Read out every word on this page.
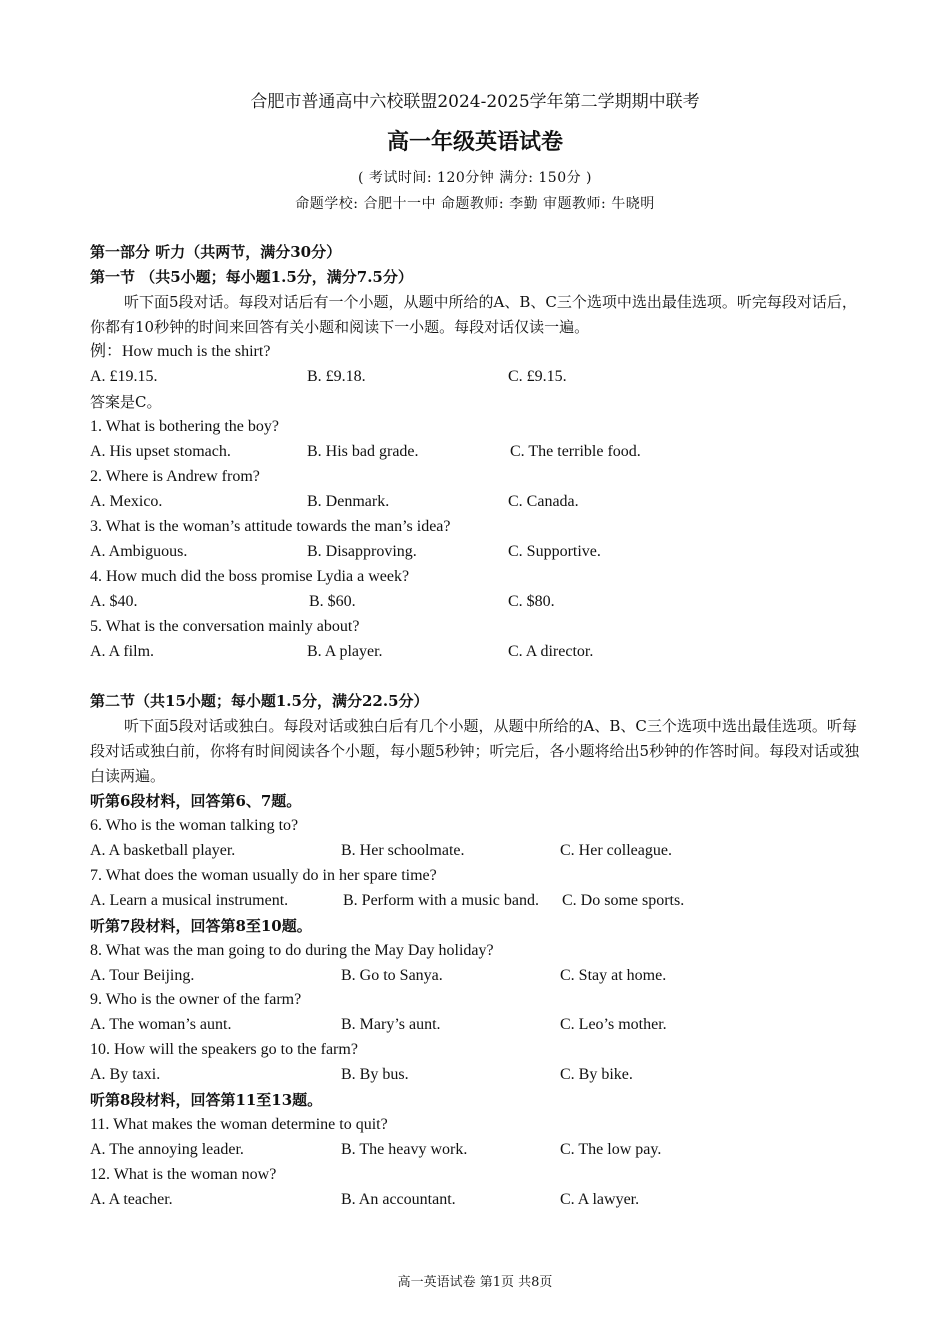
合肥市普通高中六校联盟2024-2025学年第二学期期中联考
高一年级英语试卷
( 考试时间: 120分钟 满分: 150分 )
命题学校: 合肥十一中 命题教师: 李勤 审题教师: 牛晓明
第一部分 听力（共两节，满分30分）
第一节 （共5小题；每小题1.5分，满分7.5分）
听下面5段对话。每段对话后有一个小题，从题中所给的A、B、C三个选项中选出最佳选项。听完每段对话后，你都有10秒钟的时间来回答有关小题和阅读下一小题。每段对话仅读一遍。
例：How much is the shirt?
A. £19.15.	B. £9.18.	C. £9.15.
答案是C。
1. What is bothering the boy?
A. His upset stomach.	B. His bad grade.	C. The terrible food.
2. Where is Andrew from?
A. Mexico.	B. Denmark.	C. Canada.
3. What is the woman’s attitude towards the man’s idea?
A. Ambiguous.	B. Disapproving.	C. Supportive.
4. How much did the boss promise Lydia a week?
A. $40.	B. $60.	C. $80.
5. What is the conversation mainly about?
A. A film.	B. A player.	C. A director.
第二节（共15小题；每小题1.5分，满分22.5分）
听下面5段对话或独白。每段对话或独白后有几个小题，从题中所给的A、B、C三个选项中选出最佳选项。听每段对话或独白前，你将有时间阅读各个小题，每小题5秒钟；听完后，各小题将给出5秒钟的作答时间。每段对话或独白读两遍。
听第6段材料，回答第6、7题。
6. Who is the woman talking to?
A. A basketball player.	B. Her schoolmate.	C. Her colleague.
7. What does the woman usually do in her spare time?
A. Learn a musical instrument.	B. Perform with a music band. C. Do some sports.
听第7段材料，回答第8至10题。
8. What was the man going to do during the May Day holiday?
A. Tour Beijing.	B. Go to Sanya.	C. Stay at home.
9. Who is the owner of the farm?
A. The woman’s aunt.	B. Mary’s aunt.	C. Leo’s mother.
10. How will the speakers go to the farm?
A. By taxi.	B. By bus.	C. By bike.
听第8段材料，回答第11至13题。
11. What makes the woman determine to quit?
A. The annoying leader.	B. The heavy work.	C. The low pay.
12. What is the woman now?
A. A teacher.	B. An accountant.	C. A lawyer.
高一英语试卷 第1页 共8页
